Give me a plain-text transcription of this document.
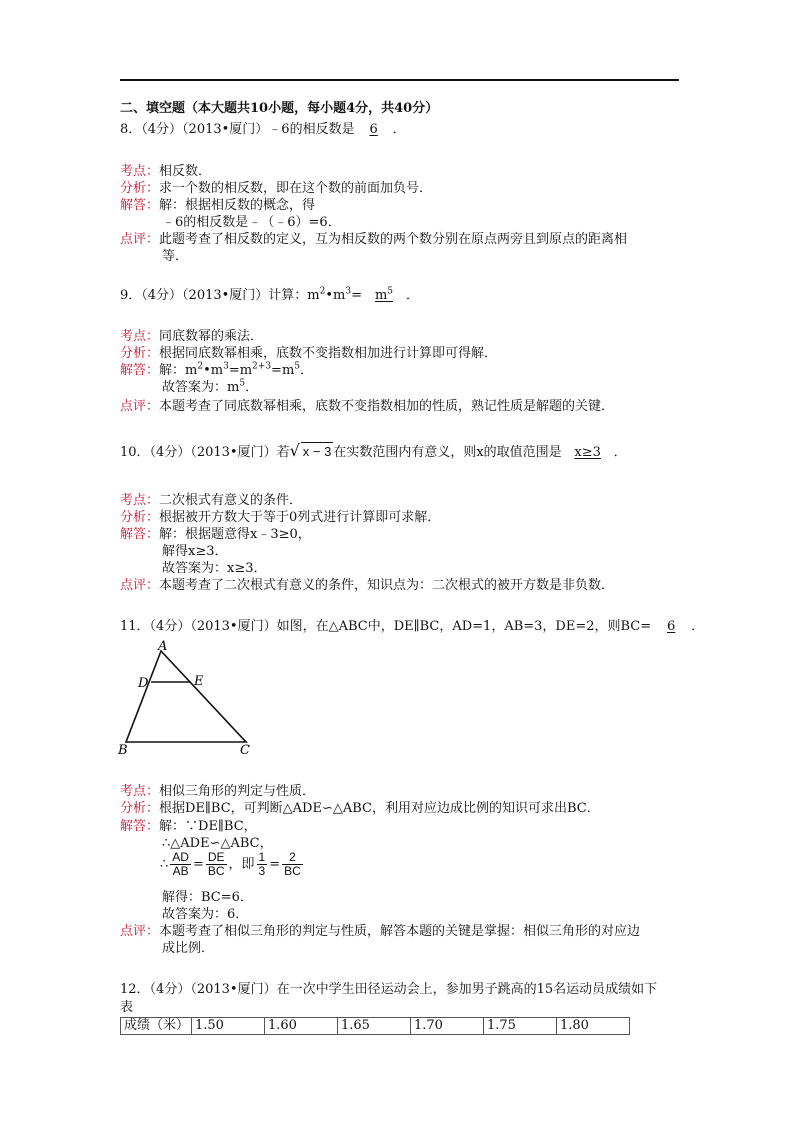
二、填空题（本大题共10小题，每小题4分，共40分）
8．（4分）（2013•厦门）﹣6的相反数是 6 ．
考点：相反数．
分析：求一个数的相反数，即在这个数的前面加负号．
解答：解：根据相反数的概念，得
﹣6的相反数是﹣（﹣6）=6．
点评：此题考查了相反数的定义，互为相反数的两个数分别在原点两旁且到原点的距离相
等．
9．（4分）（2013•厦门）计算：$m^2•m^3= m^5$ ．
考点：同底数幂的乘法．
分析：根据同底数幂相乘，底数不变指数相加进行计算即可得解．
解答：解：$m^2•m^3=m^{2+3}=m^5$．
故答案为：$m^5$．
点评：本题考查了同底数幂相乘，底数不变指数相加的性质，熟记性质是解题的关键．
10．（4分）（2013•厦门）若√ x − 3 在实数范围内有意义，则x的取值范围是 x≥3 ．
考点：二次根式有意义的条件．
分析：根据被开方数大于等于0列式进行计算即可求解．
解答：解：根据题意得x﹣3≥0，
解得x≥3．
故答案为：x≥3．
点评：本题考查了二次根式有意义的条件，知识点为：二次根式的被开方数是非负数．
11．（4分）（2013•厦门）如图，在△ABC中，DE∥BC，AD=1，AB=3，DE=2，则BC= 6 ．
A
D	E
B	C
考点：相似三角形的判定与性质．
分析：根据DE∥BC，可判断△ADE∽△ABC，利用对应边成比例的知识可求出BC．
解答：解：∵DE∥BC，
∴△ADE∽△ABC，
∴ $\frac{AD}{AB} = \frac{DE}{BC}$ ，即 $\frac{1}{3} = \frac{2}{BC}$
解得：BC=6．
故答案为：6．
点评：本题考查了相似三角形的判定与性质，解答本题的关键是掌握：相似三角形的对应边
成比例．
12．（4分）（2013•厦门）在一次中学生田径运动会上，参加男子跳高的15名运动员成绩如下
表
成绩（米）	1.50	1.60	1.65	1.70	1.75	1.80
